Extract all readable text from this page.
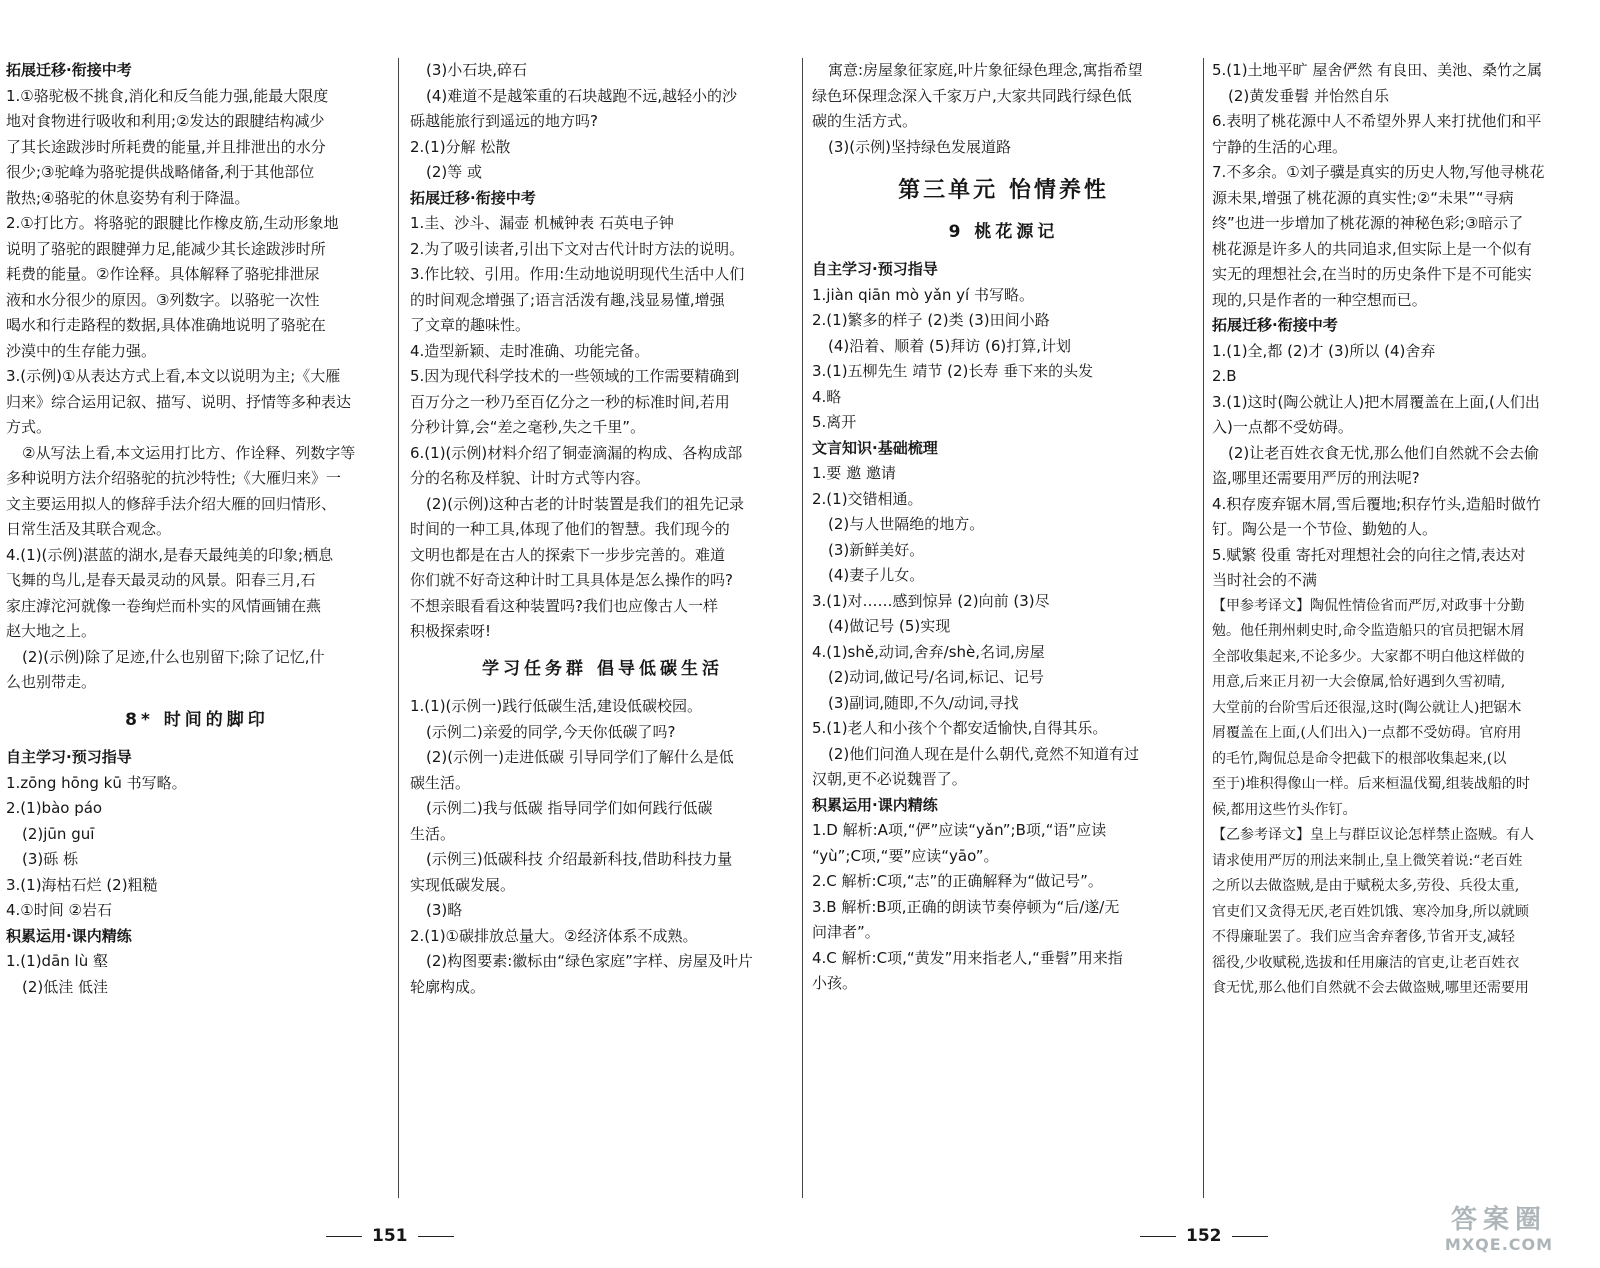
拓展迁移·衔接中考
1.①骆驼极不挑食,消化和反刍能力强,能最大限度
地对食物进行吸收和利用;②发达的跟腱结构减少
了其长途跋涉时所耗费的能量,并且排泄出的水分
很少;③驼峰为骆驼提供战略储备,利于其他部位
散热;④骆驼的休息姿势有利于降温。
2.①打比方。将骆驼的跟腱比作橡皮筋,生动形象地
说明了骆驼的跟腱弹力足,能减少其长途跋涉时所
耗费的能量。②作诠释。具体解释了骆驼排泄尿
液和水分很少的原因。③列数字。以骆驼一次性
喝水和行走路程的数据,具体准确地说明了骆驼在
沙漠中的生存能力强。
3.(示例)①从表达方式上看,本文以说明为主;《大雁
归来》综合运用记叙、描写、说明、抒情等多种表达
方式。
②从写法上看,本文运用打比方、作诠释、列数字等
多种说明方法介绍骆驼的抗沙特性;《大雁归来》一
文主要运用拟人的修辞手法介绍大雁的回归情形、
日常生活及其联合观念。
4.(1)(示例)湛蓝的湖水,是春天最纯美的印象;栖息
飞舞的鸟儿,是春天最灵动的风景。阳春三月,石
家庄滹沱河就像一卷绚烂而朴实的风情画铺在燕
赵大地之上。
(2)(示例)除了足迹,什么也别留下;除了记忆,什
么也别带走。
8* 时间的脚印
自主学习·预习指导
1.zōng hōng kū 书写略。
2.(1)bào páo
(2)jūn guī
(3)砾 栎
3.(1)海枯石烂 (2)粗糙
4.①时间 ②岩石
积累运用·课内精练
1.(1)dān lù 壑
(2)低洼 低洼
(3)小石块,碎石
(4)难道不是越笨重的石块越跑不远,越轻小的沙
砾越能旅行到遥远的地方吗?
2.(1)分解 松散
(2)等 或
拓展迁移·衔接中考
1.圭、沙斗、漏壶 机械钟表 石英电子钟
2.为了吸引读者,引出下文对古代计时方法的说明。
3.作比较、引用。作用:生动地说明现代生活中人们
的时间观念增强了;语言活泼有趣,浅显易懂,增强
了文章的趣味性。
4.造型新颖、走时准确、功能完备。
5.因为现代科学技术的一些领域的工作需要精确到
百万分之一秒乃至百亿分之一秒的标准时间,若用
分秒计算,会“差之毫秒,失之千里”。
6.(1)(示例)材料介绍了铜壶滴漏的构成、各构成部
分的名称及样貌、计时方式等内容。
(2)(示例)这种古老的计时装置是我们的祖先记录
时间的一种工具,体现了他们的智慧。我们现今的
文明也都是在古人的探索下一步步完善的。难道
你们就不好奇这种计时工具具体是怎么操作的吗?
不想亲眼看看这种装置吗?我们也应像古人一样
积极探索呀!
学习任务群 倡导低碳生活
1.(1)(示例一)践行低碳生活,建设低碳校园。
(示例二)亲爱的同学,今天你低碳了吗?
(2)(示例一)走进低碳 引导同学们了解什么是低
碳生活。
(示例二)我与低碳 指导同学们如何践行低碳
生活。
(示例三)低碳科技 介绍最新科技,借助科技力量
实现低碳发展。
(3)略
2.(1)①碳排放总量大。②经济体系不成熟。
(2)构图要素:徽标由“绿色家庭”字样、房屋及叶片
轮廓构成。
寓意:房屋象征家庭,叶片象征绿色理念,寓指希望
绿色环保理念深入千家万户,大家共同践行绿色低
碳的生活方式。
(3)(示例)坚持绿色发展道路
第三单元 怡情养性
9 桃花源记
自主学习·预习指导
1.jiàn qiān mò yǎn yí 书写略。
2.(1)繁多的样子 (2)类 (3)田间小路
(4)沿着、顺着 (5)拜访 (6)打算,计划
3.(1)五柳先生 靖节 (2)长寿 垂下来的头发
4.略
5.离开
文言知识·基础梳理
1.要 邀 邀请
2.(1)交错相通。
(2)与人世隔绝的地方。
(3)新鲜美好。
(4)妻子儿女。
3.(1)对……感到惊异 (2)向前 (3)尽
(4)做记号 (5)实现
4.(1)shě,动词,舍弃/shè,名词,房屋
(2)动词,做记号/名词,标记、记号
(3)副词,随即,不久/动词,寻找
5.(1)老人和小孩个个都安适愉快,自得其乐。
(2)他们问渔人现在是什么朝代,竟然不知道有过
汉朝,更不必说魏晋了。
积累运用·课内精练
1.D 解析:A项,“俨”应读“yǎn”;B项,“语”应读
“yù”;C项,“要”应读“yāo”。
2.C 解析:C项,“志”的正确解释为“做记号”。
3.B 解析:B项,正确的朗读节奏停顿为“后/遂/无
问津者”。
4.C 解析:C项,“黄发”用来指老人,“垂髫”用来指
小孩。
5.(1)土地平旷 屋舍俨然 有良田、美池、桑竹之属
(2)黄发垂髫 并怡然自乐
6.表明了桃花源中人不希望外界人来打扰他们和平
宁静的生活的心理。
7.不多余。①刘子骥是真实的历史人物,写他寻桃花
源未果,增强了桃花源的真实性;②“未果”“寻病
终”也进一步增加了桃花源的神秘色彩;③暗示了
桃花源是许多人的共同追求,但实际上是一个似有
实无的理想社会,在当时的历史条件下是不可能实
现的,只是作者的一种空想而已。
拓展迁移·衔接中考
1.(1)全,都 (2)才 (3)所以 (4)舍弃
2.B
3.(1)这时(陶公就让人)把木屑覆盖在上面,(人们出
入)一点都不受妨碍。
(2)让老百姓衣食无忧,那么他们自然就不会去偷
盗,哪里还需要用严厉的刑法呢?
4.积存废弃锯木屑,雪后覆地;积存竹头,造船时做竹
钉。陶公是一个节俭、勤勉的人。
5.赋繁 役重 寄托对理想社会的向往之情,表达对
当时社会的不满
【甲参考译文】陶侃性情俭省而严厉,对政事十分勤
勉。他任荆州刺史时,命令监造船只的官员把锯木屑
全部收集起来,不论多少。大家都不明白他这样做的
用意,后来正月初一大会僚属,恰好遇到久雪初晴,
大堂前的台阶雪后还很湿,这时(陶公就让人)把锯木
屑覆盖在上面,(人们出入)一点都不受妨碍。官府用
的毛竹,陶侃总是命令把截下的根部收集起来,(以
至于)堆积得像山一样。后来桓温伐蜀,组装战船的时
候,都用这些竹头作钉。
【乙参考译文】皇上与群臣议论怎样禁止盗贼。有人
请求使用严厉的刑法来制止,皇上微笑着说:“老百姓
之所以去做盗贼,是由于赋税太多,劳役、兵役太重,
官吏们又贪得无厌,老百姓饥饿、寒冷加身,所以就顾
不得廉耻罢了。我们应当舍弃奢侈,节省开支,减轻
徭役,少收赋税,选拔和任用廉洁的官吏,让老百姓衣
食无忧,那么他们自然就不会去做盗贼,哪里还需要用
151	152
答案圈
MXQE.COM
